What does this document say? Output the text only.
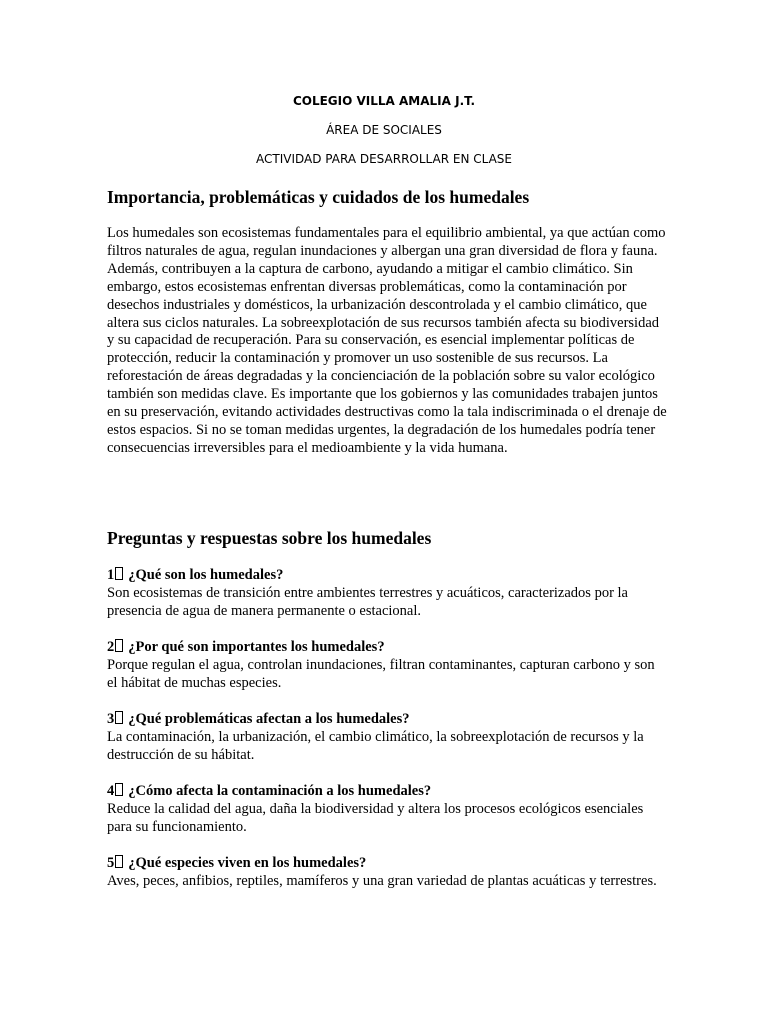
COLEGIO VILLA AMALIA J.T.
ÁREA DE SOCIALES
ACTIVIDAD PARA DESARROLLAR EN CLASE
Importancia, problemáticas y cuidados de los humedales

Los humedales son ecosistemas fundamentales para el equilibrio ambiental, ya que actúan como filtros naturales de agua, regulan inundaciones y albergan una gran diversidad de flora y fauna. Además, contribuyen a la captura de carbono, ayudando a mitigar el cambio climático. Sin embargo, estos ecosistemas enfrentan diversas problemáticas, como la contaminación por desechos industriales y domésticos, la urbanización descontrolada y el cambio climático, que altera sus ciclos naturales. La sobreexplotación de sus recursos también afecta su biodiversidad y su capacidad de recuperación. Para su conservación, es esencial implementar políticas de protección, reducir la contaminación y promover un uso sostenible de sus recursos. La reforestación de áreas degradadas y la concienciación de la población sobre su valor ecológico también son medidas clave. Es importante que los gobiernos y las comunidades trabajen juntos en su preservación, evitando actividades destructivas como la tala indiscriminada o el drenaje de estos espacios. Si no se toman medidas urgentes, la degradación de los humedales podría tener consecuencias irreversibles para el medioambiente y la vida humana.

Preguntas y respuestas sobre los humedales
1 ¿Qué son los humedales?
Son ecosistemas de transición entre ambientes terrestres y acuáticos, caracterizados por la presencia de agua de manera permanente o estacional.
2 ¿Por qué son importantes los humedales?
Porque regulan el agua, controlan inundaciones, filtran contaminantes, capturan carbono y son el hábitat de muchas especies.
3 ¿Qué problemáticas afectan a los humedales?
La contaminación, la urbanización, el cambio climático, la sobreexplotación de recursos y la destrucción de su hábitat.
4 ¿Cómo afecta la contaminación a los humedales?
Reduce la calidad del agua, daña la biodiversidad y altera los procesos ecológicos esenciales para su funcionamiento.
5 ¿Qué especies viven en los humedales?
Aves, peces, anfibios, reptiles, mamíferos y una gran variedad de plantas acuáticas y terrestres.
